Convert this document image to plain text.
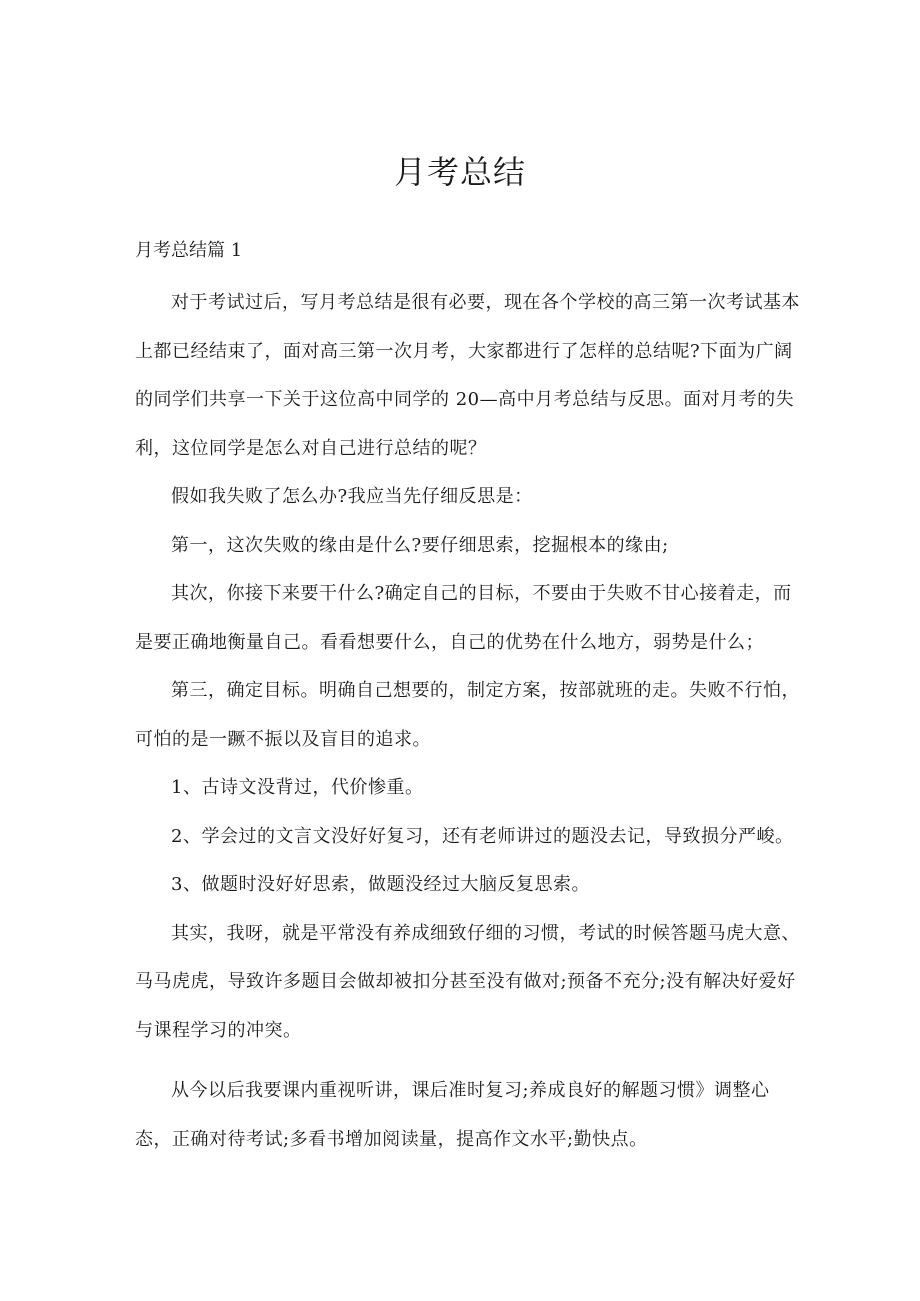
月考总结

月考总结篇 1

对于考试过后，写月考总结是很有必要，现在各个学校的高三第一次考试基本上都已经结束了，面对高三第一次月考，大家都进行了怎样的总结呢?下面为广阔的同学们共享一下关于这位高中同学的 20—高中月考总结与反思。面对月考的失利，这位同学是怎么对自己进行总结的呢？

假如我失败了怎么办?我应当先仔细反思是：

第一，这次失败的缘由是什么?要仔细思索，挖掘根本的缘由;

其次，你接下来要干什么?确定自己的目标，不要由于失败不甘心接着走，而是要正确地衡量自己。看看想要什么，自己的优势在什么地方，弱势是什么；

第三，确定目标。明确自己想要的，制定方案，按部就班的走。失败不行怕，可怕的是一蹶不振以及盲目的追求。

1、古诗文没背过，代价惨重。

2、学会过的文言文没好好复习，还有老师讲过的题没去记，导致损分严峻。

3、做题时没好好思索，做题没经过大脑反复思索。

其实，我呀，就是平常没有养成细致仔细的习惯，考试的时候答题马虎大意、马马虎虎，导致许多题目会做却被扣分甚至没有做对;预备不充分;没有解决好爱好与课程学习的冲突。

从今以后我要课内重视听讲，课后准时复习;养成良好的解题习惯》调整心态，正确对待考试;多看书增加阅读量，提高作文水平;勤快点。
